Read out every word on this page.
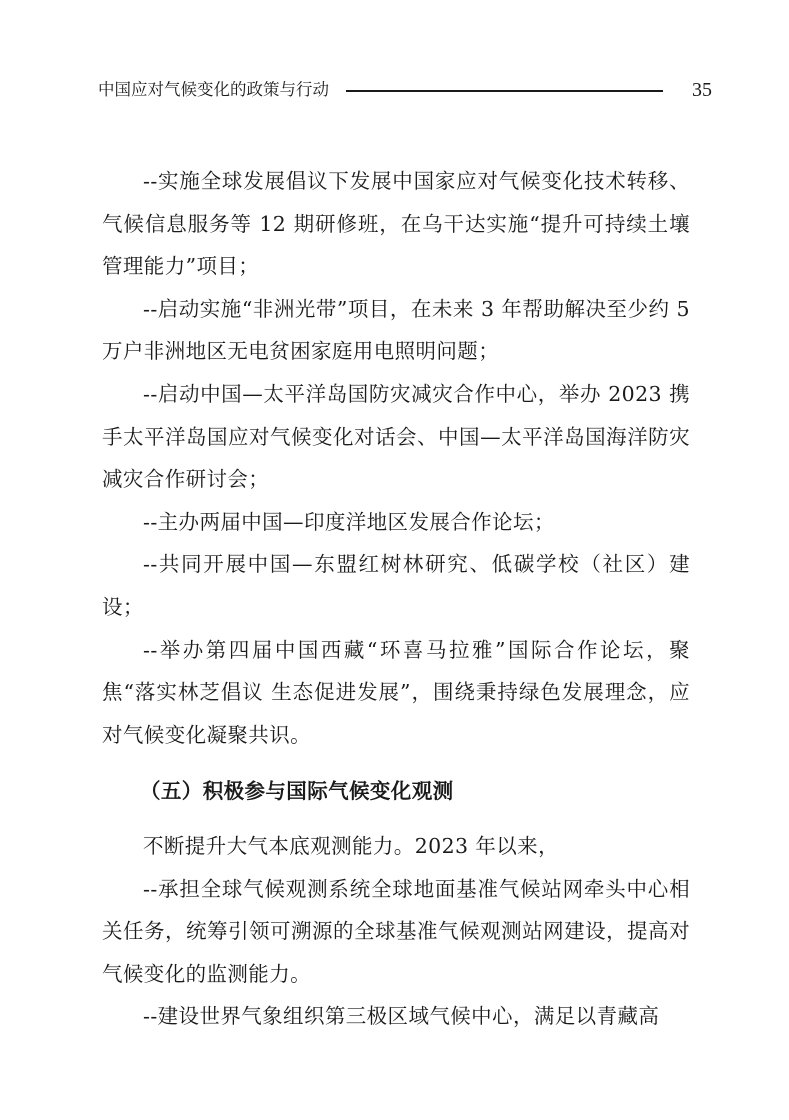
中国应对气候变化的政策与行动	35

--实施全球发展倡议下发展中国家应对气候变化技术转移、气候信息服务等 12 期研修班，在乌干达实施“提升可持续土壤管理能力”项目；

--启动实施“非洲光带”项目，在未来 3 年帮助解决至少约 5 万户非洲地区无电贫困家庭用电照明问题；

--启动中国—太平洋岛国防灾减灾合作中心，举办 2023 携手太平洋岛国应对气候变化对话会、中国—太平洋岛国海洋防灾减灾合作研讨会；

--主办两届中国—印度洋地区发展合作论坛；

--共同开展中国—东盟红树林研究、低碳学校（社区）建设；

--举办第四届中国西藏“环喜马拉雅”国际合作论坛，聚焦“落实林芝倡议 生态促进发展”，围绕秉持绿色发展理念，应对气候变化凝聚共识。

（五）积极参与国际气候变化观测

不断提升大气本底观测能力。2023 年以来，

--承担全球气候观测系统全球地面基准气候站网牵头中心相关任务，统筹引领可溯源的全球基准气候观测站网建设，提高对气候变化的监测能力。

--建设世界气象组织第三极区域气候中心，满足以青藏高
